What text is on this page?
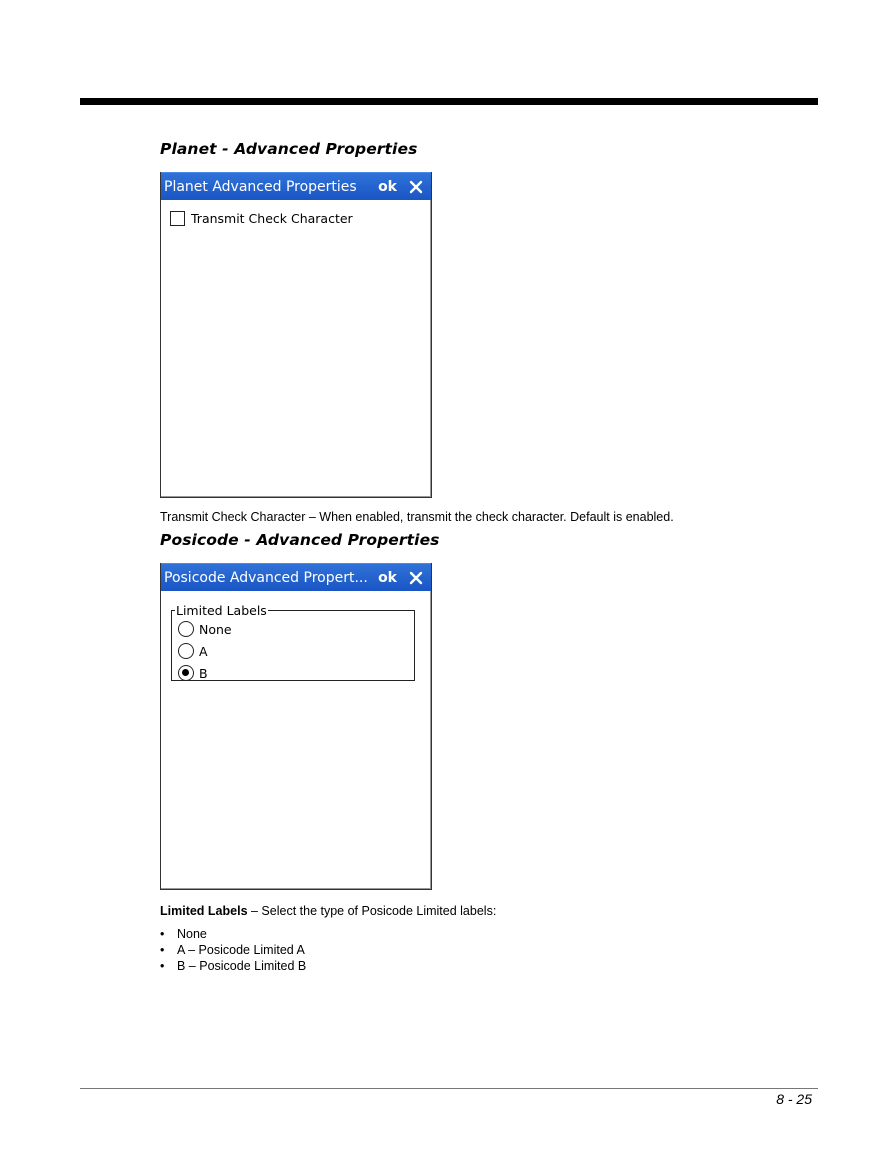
Planet - Advanced Properties
Planet Advanced Properties	ok
Transmit Check Character

Transmit Check Character – When enabled, transmit the check character. Default is enabled.

Posicode - Advanced Properties
Posicode Advanced Propert... ok
Limited Labels
None
A
B

Limited Labels – Select the type of Posicode Limited labels:

•	None
•	A – Posicode Limited A
•	B – Posicode Limited B
8 - 25
